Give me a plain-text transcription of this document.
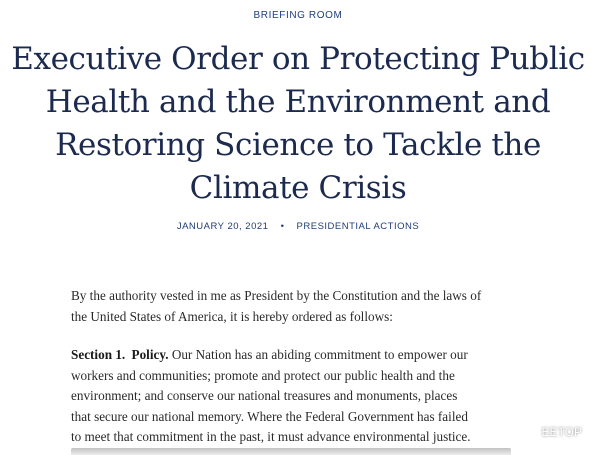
BRIEFING ROOM
Executive Order on Protecting Public
Health and the Environment and
Restoring Science to Tackle the
Climate Crisis
JANUARY 20, 2021 • PRESIDENTIAL ACTIONS

By the authority vested in me as President by the Constitution and the laws of
the United States of America, it is hereby ordered as follows:

Section 1. Policy. Our Nation has an abiding commitment to empower our
workers and communities; promote and protect our public health and the
environment; and conserve our national treasures and monuments, places
that secure our national memory. Where the Federal Government has failed
to meet that commitment in the past, it must advance environmental justice.	EETOP
